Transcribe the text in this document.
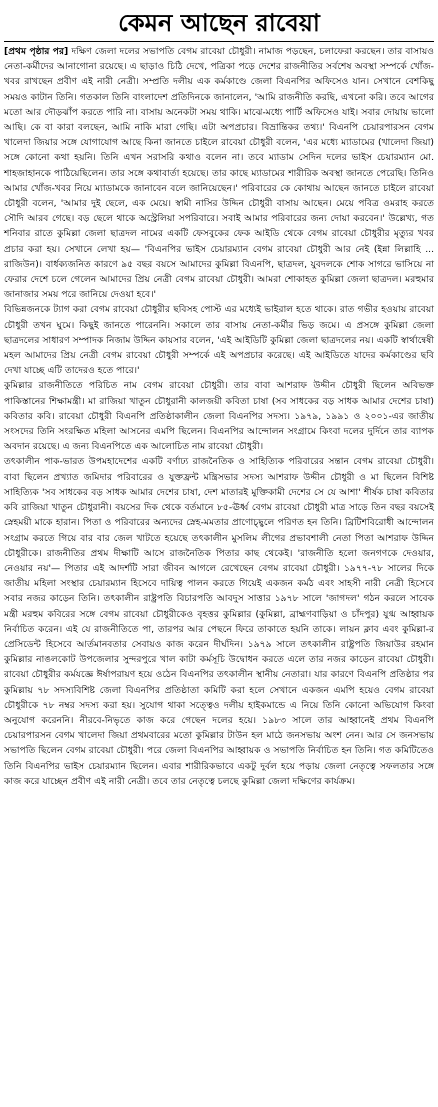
কেমন আছেন রাবেয়া

[প্রথম পৃষ্ঠার পর] দক্ষিণ জেলা দলের সভাপতি বেগম রাবেয়া চৌধুরী। নামাজ পড়ছেন, চলাফেরা করছেন। তার বাসায়ও নেতা-কর্মীদের আনাগোনা রয়েছে। এ ছাড়াও চিঠি দেখে, পত্রিকা পড়ে দেশের রাজনীতির সর্বশেষ অবস্থা সম্পর্কে খোঁজ-খবর রাখছেন প্রবীণ এই নারী নেত্রী। সম্প্রতি দলীয় এক কর্মকাণ্ডে জেলা বিএনপির অফিসেও যান। সেখানে বেশকিছু সময়ও কাটান তিনি। গতকাল তিনি বাংলাদেশ প্রতিদিনকে জানালেন, 'আমি রাজনীতি করছি, এখনো করি। তবে আগের মতো আর দৌড়ঝাঁপ করতে পারি না। বাসায় অনেকটা সময় থাকি। মাঝে-মধ্যে পার্টি অফিসেও যাই। সবার দোয়ায় ভালো আছি। কে বা কারা বলছেন, আমি নাকি মারা গেছি। এটা অপপ্রচার। বিভ্রান্তিকর তথ্য।' বিএনপি চেয়ারপারসন বেগম খালেদা জিয়ার সঙ্গে যোগাযোগ আছে কিনা জানতে চাইলে রাবেয়া চৌধুরী বলেন, 'এর মধ্যে ম্যাডামের (খালেদা জিয়া) সঙ্গে কোনো কথা হয়নি। তিনি এখন সরাসরি কথাও বলেন না। তবে ম্যাডাম সেদিন দলের ভাইস চেয়ারম্যান মো. শাহজাহানকে পাঠিয়েছিলেন। তার সঙ্গে কথাবার্তা হয়েছে। তার কাছে ম্যাডামের শারীরিক অবস্থা জানতে পেরেছি। তিনিও আমার খোঁজ-খবর নিয়ে ম্যাডামকে জানাবেন বলে জানিয়েছেন।' পরিবারের কে কোথায় আছেন জানতে চাইলে রাবেয়া চৌধুরী বলেন, 'আমার দুই ছেলে, এক মেয়ে। স্বামী নাসির উদ্দিন চৌধুরী বাসায় আছেন। মেয়ে পবিত্র ওমরাহ করতে সৌদি আরব গেছে। বড় ছেলে থাকে অস্ট্রেলিয়া সপরিবারে। সবাই আমার পরিবারের জন্য দোয়া করবেন।' উল্লেখ্য, গত শনিবার রাতে কুমিল্লা জেলা ছাত্রদল নামের একটি ফেসবুকের ফেক আইডি থেকে বেগম রাবেয়া চৌধুরীর মৃত্যুর খবর প্রচার করা হয়। সেখানে লেখা হয়— 'বিএনপির ভাইস চেয়ারম্যান বেগম রাবেয়া চৌধুরী আর নেই (ইন্না লিল্লাহি ... রাজিউন)। বার্ধক্যজনিত কারণে ৯৫ বছর বয়সে আমাদের কুমিল্লা বিএনপি, ছাত্রদল, যুবদলকে শোক সাগরে ভাসিয়ে না ফেরার দেশে চলে গেলেন আমাদের প্রিয় নেত্রী বেগম রাবেয়া চৌধুরী। আমরা শোকাহত কুমিল্লা জেলা ছাত্রদল। মরহুমার জানাজার সময় পরে জানিয়ে দেওয়া হবে।'

বিভিন্নজনকে ট্যাগ করা বেগম রাবেয়া চৌধুরীর ছবিসহ পোস্ট এর মধ্যেই ভাইরাল হতে থাকে। রাত গভীর হওয়ায় রাবেয়া চৌধুরী তখন ঘুমে। কিছুই জানতে পারেননি। সকালে তার বাসায় নেতা-কর্মীর ভিড় জমে। এ প্রসঙ্গে কুমিল্লা জেলা ছাত্রদলের সাধারণ সম্পাদক নিজাম উদ্দিন কায়সার বলেন, 'এই আইডিটি কুমিল্লা জেলা ছাত্রদলের নয়। একটি স্বার্থান্বেষী মহল আমাদের প্রিয় নেত্রী বেগম রাবেয়া চৌধুরী সম্পর্কে এই অপপ্রচার করেছে। এই আইডিতে যাদের কর্মকাণ্ডের ছবি দেখা যাচ্ছে এটি তাদেরও হতে পারে।'

কুমিল্লার রাজনীতিতে পরিচিত নাম বেগম রাবেয়া চৌধুরী। তার বাবা আশরাফ উদ্দীন চৌধুরী ছিলেন অবিভক্ত পাকিস্তানের শিক্ষামন্ত্রী। মা রাজিয়া খাতুন চৌধুরানী কালজয়ী কবিতা চাষা (সব সাধকের বড় সাধক আমার দেশের চাষা) কবিতার কবি। রাবেয়া চৌধুরী বিএনপি প্রতিষ্ঠাকালীন জেলা বিএনপির সদস্য। ১৯৭৯, ১৯৯১ ও ২০০১-এর জাতীয় সংসদের তিনি সংরক্ষিত মহিলা আসনের এমপি ছিলেন। বিএনপির আন্দোলন সংগ্রামে কিংবা দলের দুর্দিনে তার ব্যাপক অবদান রয়েছে। এ জন্য বিএনপিতে এক আলোচিত নাম রাবেয়া চৌধুরী।

তৎকালীন পাক-ভারত উপমহাদেশের একটি বর্ণাঢ্য রাজনৈতিক ও সাহিত্যিক পরিবারের সন্তান বেগম রাবেয়া চৌধুরী। বাবা ছিলেন প্রখ্যাত জমিদার পরিবারের ও যুক্তফ্রন্ট মন্ত্রিসভার সদস্য আশরাফ উদ্দীন চৌধুরী ও মা ছিলেন বিশিষ্ট সাহিত্যিক 'সব সাধকের বড় সাধক আমার দেশের চাষা, দেশ মাতারই মুক্তিকামী দেশের সে যে আশা' শীর্ষক চাষা কবিতার কবি রাজিয়া খাতুন চৌধুরানী। বয়সের দিক থেকে বর্তমানে ৮৫-ঊর্ধ্ব বেগম রাবেয়া চৌধুরী মাত্র সাড়ে তিন বছর বয়সেই স্নেহময়ী মাকে হারান। পিতা ও পরিবারের অন্যদের স্নেহ-মমতার প্রাণোচ্ছ্বলে পরিণত হন তিনি। ব্রিটিশবিরোধী আন্দোলন সংগ্রাম করতে গিয়ে বার বার জেল খাটতে হয়েছে তৎকালীন মুসলিম লীগের প্রভাবশালী নেতা পিতা আশরাফ উদ্দিন চৌধুরীকে। রাজনীতির প্রথম দীক্ষাটি আসে রাজনৈতিক পিতার কাছ থেকেই। 'রাজনীতি হলো জনগণকে দেওয়ার, নেওয়ার নয়'— পিতার এই আদর্শটি সারা জীবন আগলে রেখেছেন বেগম রাবেয়া চৌধুরী। ১৯৭৭-৭৮ সালের দিকে জাতীয় মহিলা সংস্থার চেয়ারম্যান হিসেবে দায়িত্ব পালন করতে গিয়েই একজন কর্মঠ এবং সাহসী নারী নেত্রী হিসেবে সবার নজর কাড়েন তিনি। তৎকালীন রাষ্ট্রপতি বিচারপতি আবদুস সাত্তার ১৯৭৮ সালে 'জাগদল' গঠন করলে সাবেক মন্ত্রী মরহুম কবিরের সঙ্গে বেগম রাবেয়া চৌধুরীকেও বৃহত্তর কুমিল্লার (কুমিল্লা, ব্রাহ্মণবাড়িয়া ও চাঁদপুর) যুগ্ম আহ্বায়ক নির্বাচিত করেন। এই যে রাজনীতিতে পা, তারপর আর পেছনে ফিরে তাকাতে হয়নি তাকে। লায়ন ক্লাব এবং কুমিল্লা-র প্রেসিডেন্ট হিসেবে আর্তমানবতার সেবায়ও কাজ করেন দীর্ঘদিন। ১৯৭৯ সালে তৎকালীন রাষ্ট্রপতি জিয়াউর রহমান কুমিল্লার নাঙলকোট উপজেলার সুন্দরপুরে খাল কাটা কর্মসূচি উদ্বোধন করতে এলে তার নজর কাড়েন রাবেয়া চৌধুরী। রাবেয়া চৌধুরীর কর্মযজ্ঞে ঈর্ষাপরায়ণ হয়ে ওঠেন বিএনপির তৎকালীন স্থানীয় নেতারা। যার কারণে বিএনপি প্রতিষ্ঠার পর কুমিল্লায় ৭৮ সদস্যবিশিষ্ট জেলা বিএনপির প্রতিষ্ঠাতা কমিটি করা হলে সেখানে একজন এমপি হয়েও বেগম রাবেয়া চৌধুরীকে ৭৮ নম্বর সদস্য করা হয়। সুযোগ থাকা সত্ত্বেও দলীয় হাইকমান্ডে এ নিয়ে তিনি কোনো অভিযোগ কিংবা অনুযোগ করেননি। নীরবে-নিভৃতে কাজ করে গেছেন দলের হয়ে। ১৯৮৩ সালে তার আহ্বানেই প্রথম বিএনপি চেয়ারপারসন বেগম খালেদা জিয়া প্রথমবারের মতো কুমিল্লার টাউন হল মাঠে জনসভায় অংশ নেন। আর সে জনসভায় সভাপতি ছিলেন বেগম রাবেয়া চৌধুরী। পরে জেলা বিএনপির আহ্বায়ক ও সভাপতি নির্বাচিত হন তিনি। গত কমিটিতেও তিনি বিএনপির ভাইস চেয়ারম্যান ছিলেন। এবার শারীরিকভাবে একটু দুর্বল হয়ে পড়ায় জেলা নেতৃত্বে সফলতার সঙ্গে কাজ করে যাচ্ছেন প্রবীণ এই নারী নেত্রী। তবে তার নেতৃত্বে চলছে কুমিল্লা জেলা দক্ষিণের কার্যক্রম।
